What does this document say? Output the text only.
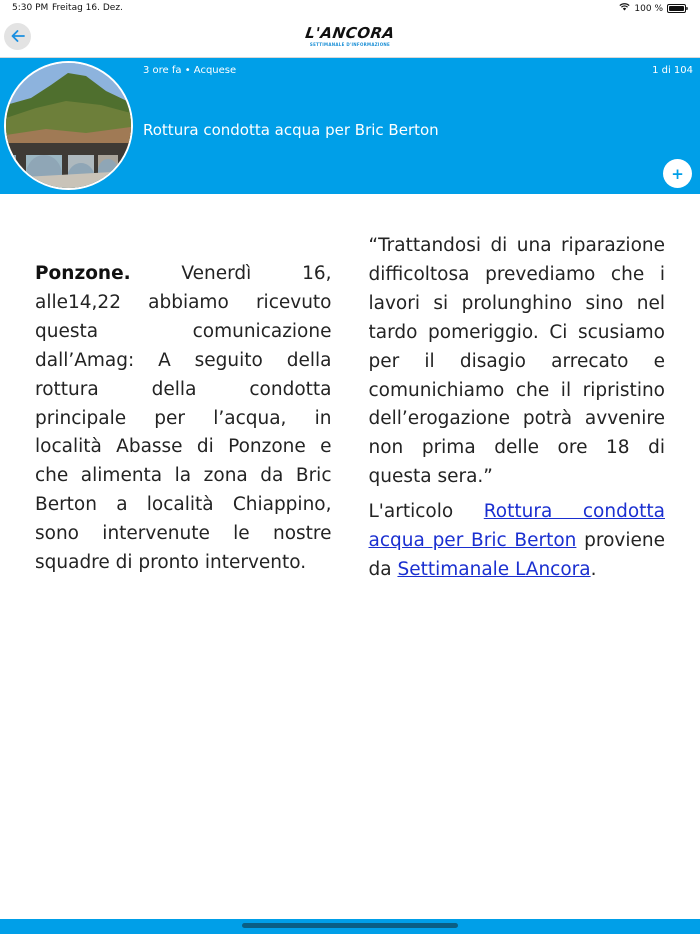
5:30 PM Freitag 16. Dez.	100 %
L'ANCORA
SETTIMANALE D'INFORMAZIONE
3 ore fa • Acquese	1 di 104
Rottura condotta acqua per Bric Berton
+

Ponzone. Venerdì 16, alle14,22 abbiamo ricevuto questa comunicazione dall’Amag: A seguito della rottura della condotta principale per l’acqua, in località Abasse di Ponzone e che alimenta la zona da Bric Berton a località Chiappino, sono intervenute le nostre squadre di pronto intervento.

“Trattandosi di una riparazione difficoltosa prevediamo che i lavori si prolunghino sino nel tardo pomeriggio. Ci scusiamo per il disagio arrecato e comunichiamo che il ripristino dell’erogazione potrà avvenire non prima delle ore 18 di questa sera.”

L'articolo Rottura condotta acqua per Bric Berton proviene da Settimanale LAncora.
